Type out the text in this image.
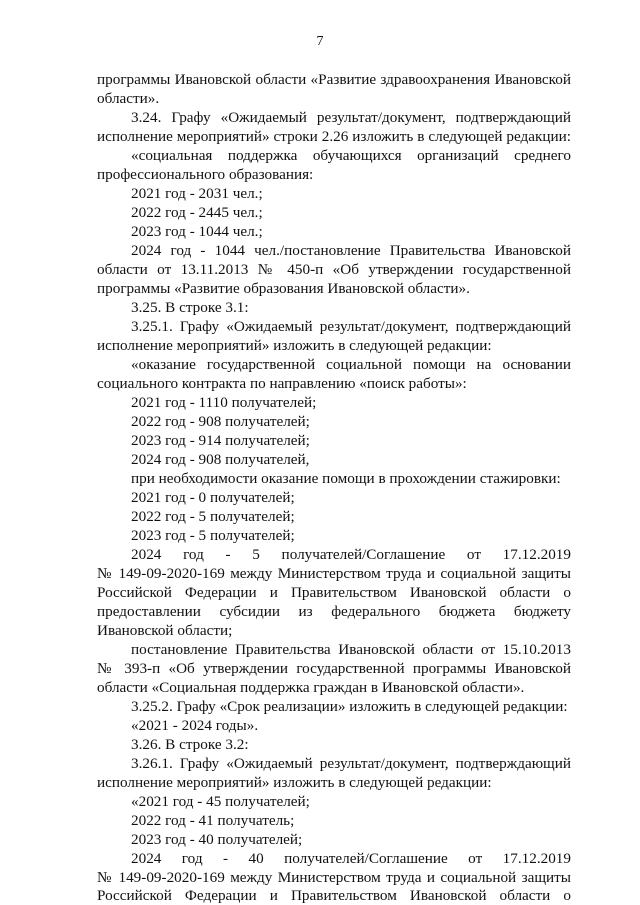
7
программы Ивановской области «Развитие здравоохранения Ивановской
области».
3.24. Графу «Ожидаемый результат/документ, подтверждающий
исполнение мероприятий» строки 2.26 изложить в следующей редакции:
«социальная поддержка обучающихся организаций среднего
профессионального образования:
2021 год - 2031 чел.;
2022 год - 2445 чел.;
2023 год - 1044 чел.;
2024 год - 1044 чел./постановление Правительства Ивановской
области от 13.11.2013 № 450-п «Об утверждении государственной
программы «Развитие образования Ивановской области».
3.25. В строке 3.1:
3.25.1. Графу «Ожидаемый результат/документ, подтверждающий
исполнение мероприятий» изложить в следующей редакции:
«оказание государственной социальной помощи на основании
социального контракта по направлению «поиск работы»:
2021 год - 1110 получателей;
2022 год - 908 получателей;
2023 год - 914 получателей;
2024 год - 908 получателей,
при необходимости оказание помощи в прохождении стажировки:
2021 год - 0 получателей;
2022 год - 5 получателей;
2023 год - 5 получателей;
2024 год - 5 получателей/Соглашение от 17.12.2019
№ 149-09-2020-169 между Министерством труда и социальной защиты
Российской Федерации и Правительством Ивановской области о
предоставлении субсидии из федерального бюджета бюджету
Ивановской области;
постановление Правительства Ивановской области от 15.10.2013
№ 393-п «Об утверждении государственной программы Ивановской
области «Социальная поддержка граждан в Ивановской области».
3.25.2. Графу «Срок реализации» изложить в следующей редакции:
«2021 - 2024 годы».
3.26. В строке 3.2:
3.26.1. Графу «Ожидаемый результат/документ, подтверждающий
исполнение мероприятий» изложить в следующей редакции:
«2021 год - 45 получателей;
2022 год - 41 получатель;
2023 год - 40 получателей;
2024 год - 40 получателей/Соглашение от 17.12.2019
№ 149-09-2020-169 между Министерством труда и социальной защиты
Российской Федерации и Правительством Ивановской области о
